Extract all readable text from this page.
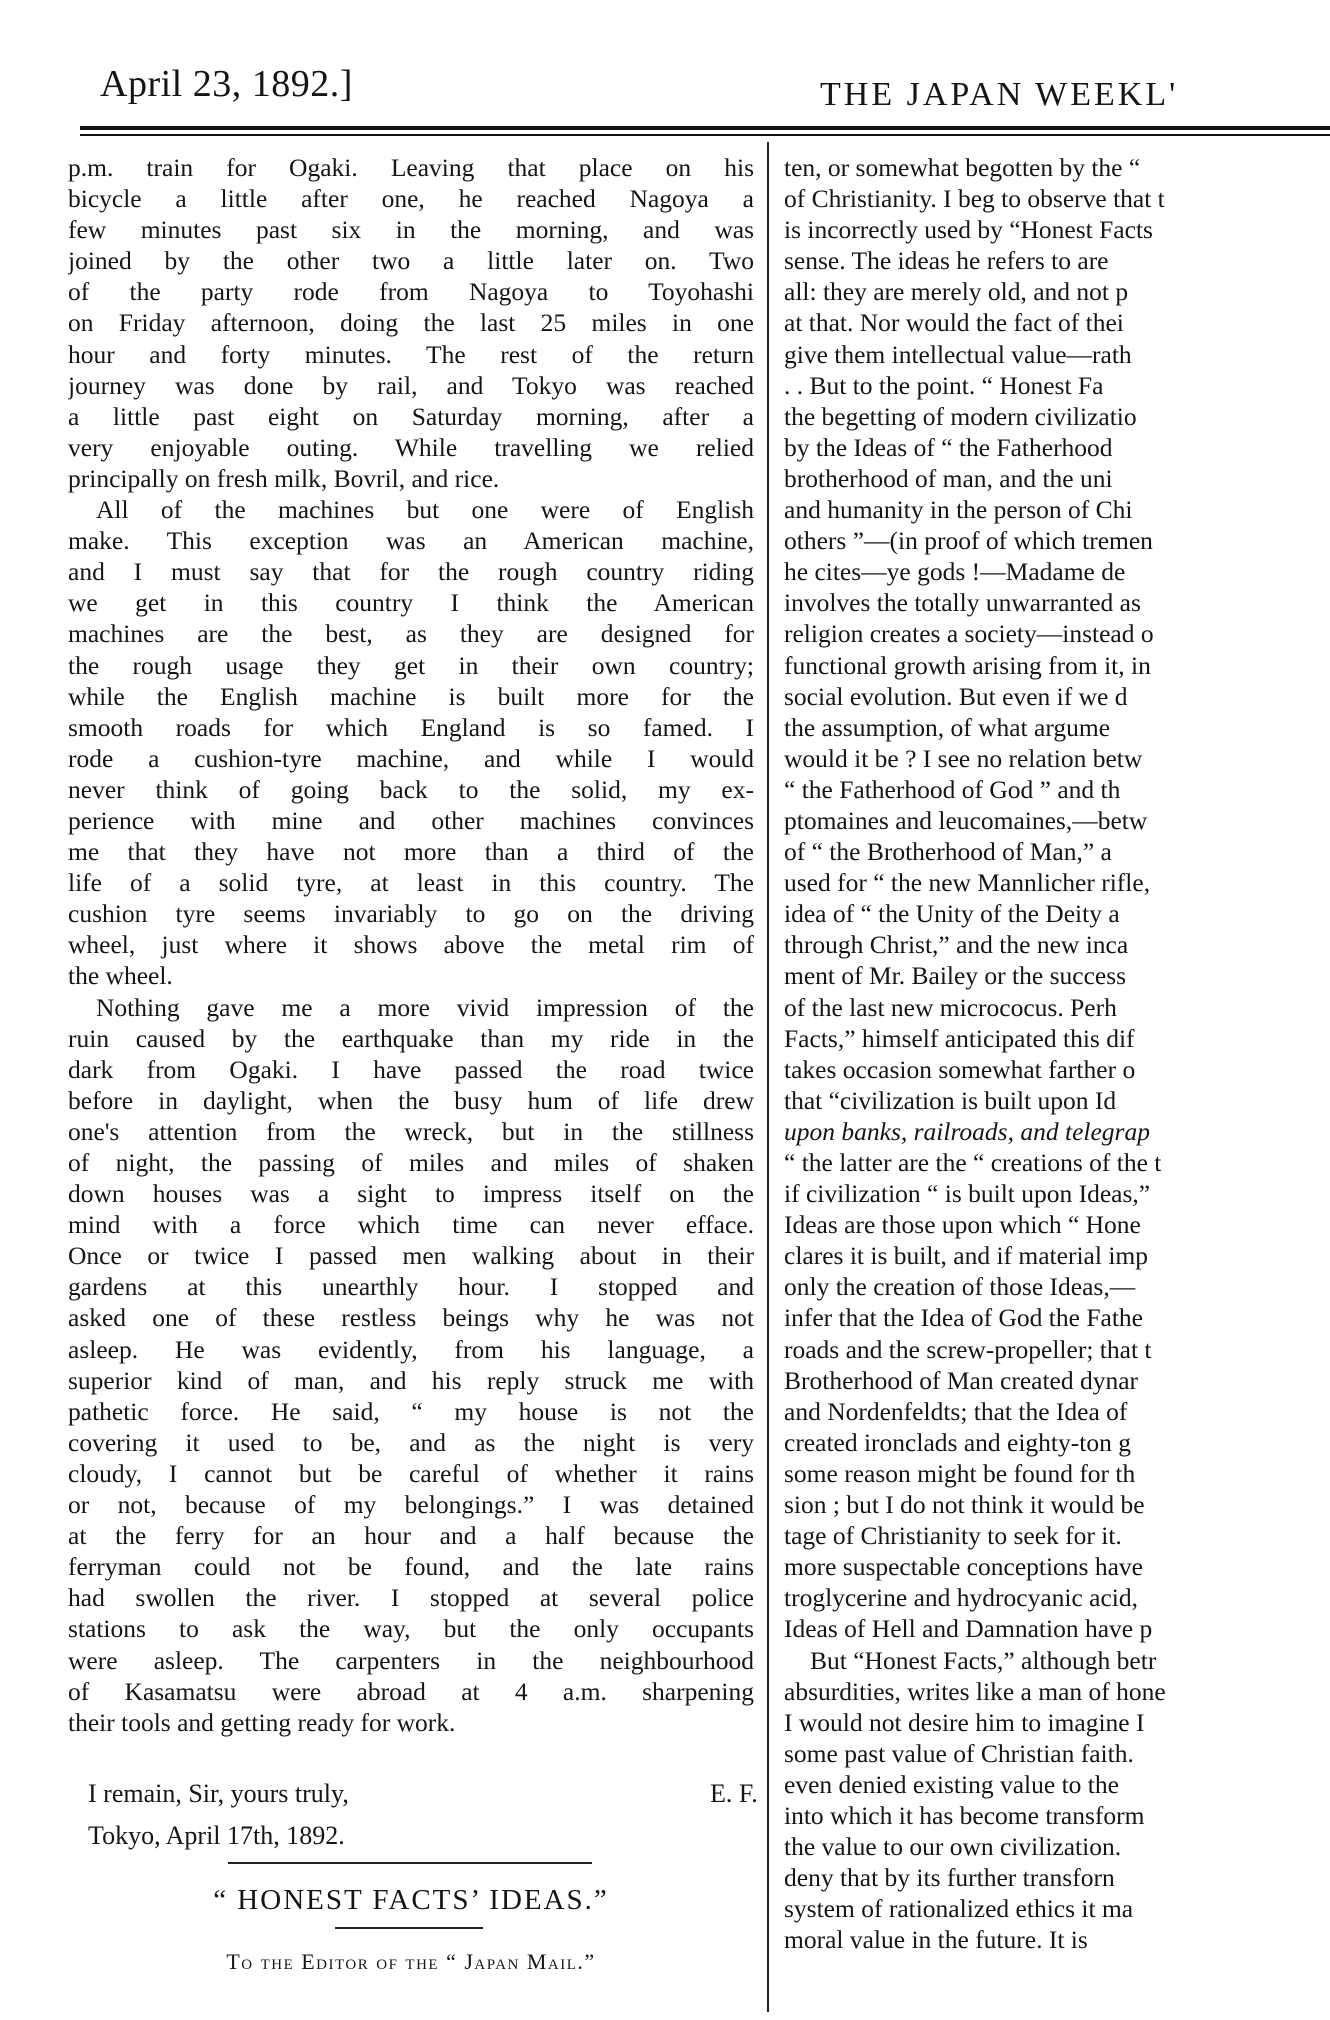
April 23, 1892.]	THE JAPAN WEEKL'
p.m. train for Ogaki. Leaving that place on his
bicycle a little after one, he reached Nagoya a
few minutes past six in the morning, and was
joined by the other two a little later on. Two
of the party rode from Nagoya to Toyohashi
on Friday afternoon, doing the last 25 miles in one
hour and forty minutes. The rest of the return
journey was done by rail, and Tokyo was reached
a little past eight on Saturday morning, after a
very enjoyable outing. While travelling we relied
principally on fresh milk, Bovril, and rice.
All of the machines but one were of English
make. This exception was an American machine,
and I must say that for the rough country riding
we get in this country I think the American
machines are the best, as they are designed for
the rough usage they get in their own country;
while the English machine is built more for the
smooth roads for which England is so famed. I
rode a cushion-tyre machine, and while I would
never think of going back to the solid, my ex-
perience with mine and other machines convinces
me that they have not more than a third of the
life of a solid tyre, at least in this country. The
cushion tyre seems invariably to go on the driving
wheel, just where it shows above the metal rim of
the wheel.
Nothing gave me a more vivid impression of the
ruin caused by the earthquake than my ride in the
dark from Ogaki. I have passed the road twice
before in daylight, when the busy hum of life drew
one's attention from the wreck, but in the stillness
of night, the passing of miles and miles of shaken
down houses was a sight to impress itself on the
mind with a force which time can never efface.
Once or twice I passed men walking about in their
gardens at this unearthly hour. I stopped and
asked one of these restless beings why he was not
asleep. He was evidently, from his language, a
superior kind of man, and his reply struck me with
pathetic force. He said, “ my house is not the
covering it used to be, and as the night is very
cloudy, I cannot but be careful of whether it rains
or not, because of my belongings.” I was detained
at the ferry for an hour and a half because the
ferryman could not be found, and the late rains
had swollen the river. I stopped at several police
stations to ask the way, but the only occupants
were asleep. The carpenters in the neighbourhood
of Kasamatsu were abroad at 4 a.m. sharpening
their tools and getting ready for work.
ten, or somewhat begotten by the “
of Christianity. I beg to observe that t
is incorrectly used by “Honest Facts
sense. The ideas he refers to are
all: they are merely old, and not p
at that. Nor would the fact of thei
give them intellectual value—rath
. . But to the point. “ Honest Fa
the begetting of modern civilizatio
by the Ideas of “ the Fatherhood
brotherhood of man, and the uni
and humanity in the person of Chi
others ”—(in proof of which tremen
he cites—ye gods !—Madame de
involves the totally unwarranted as
religion creates a society—instead o
functional growth arising from it, in
social evolution. But even if we d
the assumption, of what argume
would it be ? I see no relation betw
“ the Fatherhood of God ” and th
ptomaines and leucomaines,—betw
of “ the Brotherhood of Man,” a
used for “ the new Mannlicher rifle,
idea of “ the Unity of the Deity a
through Christ,” and the new inca
ment of Mr. Bailey or the success
of the last new micrococus. Perh
Facts,” himself anticipated this dif
takes occasion somewhat farther o
that “civilization is built upon Id
upon banks, railroads, and telegrap
“ the latter are the “ creations of the t
if civilization “ is built upon Ideas,”
Ideas are those upon which “ Hone
clares it is built, and if material imp
only the creation of those Ideas,—
infer that the Idea of God the Fathe
roads and the screw-propeller; that t
Brotherhood of Man created dynar
and Nordenfeldts; that the Idea of
created ironclads and eighty-ton g
some reason might be found for th
sion ; but I do not think it would be
tage of Christianity to seek for it.
more suspectable conceptions have
troglycerine and hydrocyanic acid,
Ideas of Hell and Damnation have p
But “Honest Facts,” although betr
absurdities, writes like a man of hone
I would not desire him to imagine I
some past value of Christian faith.
even denied existing value to the
into which it has become transform
the value to our own civilization.
deny that by its further transforn
system of rationalized ethics it ma
moral value in the future. It is
I remain, Sir, yours truly,	E. F.
Tokyo, April 17th, 1892.
“ HONEST FACTS’ IDEAS.”
To the Editor of the “ Japan Mail.”
